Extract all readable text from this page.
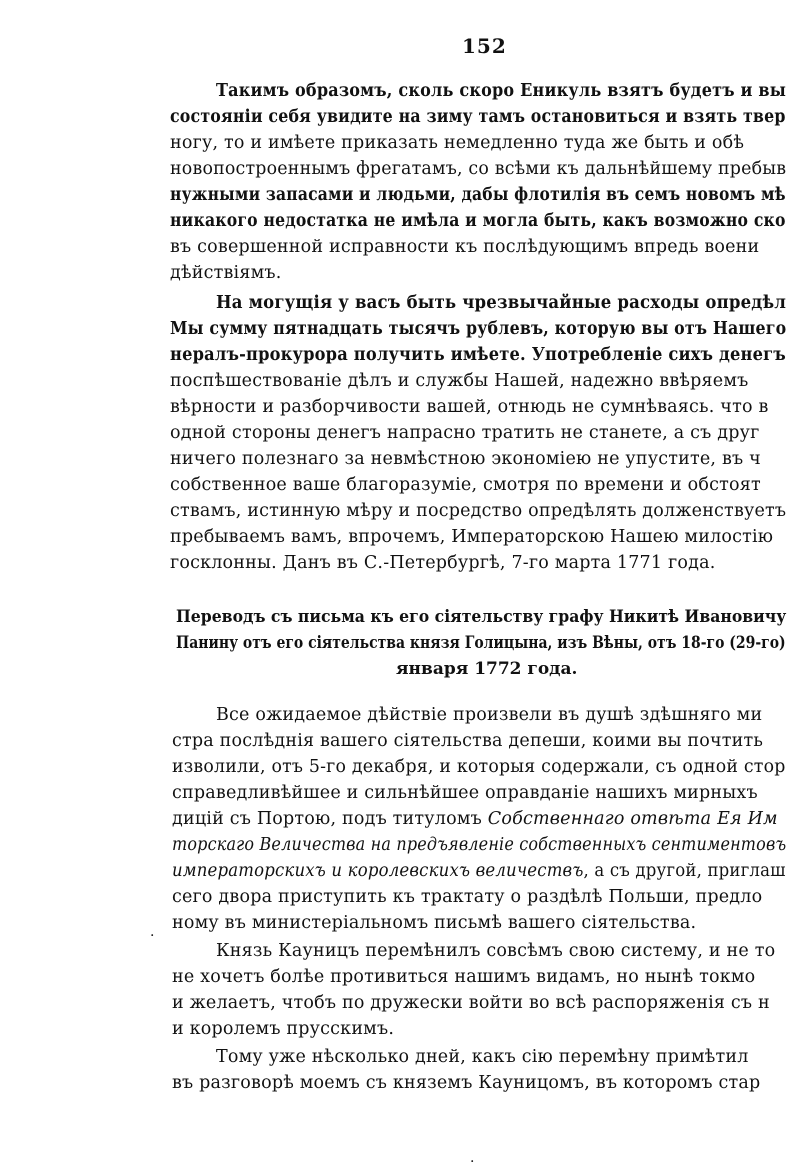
152
Такимъ образомъ, сколь скоро Еникуль взятъ будетъ и вы
состоянiи себя увидите на зиму тамъ остановиться и взять твер
ногу, то и имѣете приказать немедленно туда же быть и обѣ
новопостроеннымъ фрегатамъ, со всѣми къ дальнѣйшему пребыв
нужными запасами и людьми, дабы флотилiя въ семъ новомъ мѣ
никакого недостатка не имѣла и могла быть, какъ возможно ско
въ совершенной исправности къ послѣдующимъ впредь воени
дѣйствiямъ.
На могущiя у васъ быть чрезвычайные расходы опредѣл
Мы сумму пятнадцать тысячъ рублевъ, которую вы отъ Нашего
нералъ-прокурора получить имѣете. Употребленiе сихъ денегъ
поспѣшествованiе дѣлъ и службы Нашей, надежно ввѣряемъ
вѣрности и разборчивости вашей, отнюдь не сумнѣваясь. что в
одной стороны денегъ напрасно тратить не станете, а съ друг
ничего полезнаго за невмѣстною экономiею не упустите, въ ч
собственное ваше благоразумiе, смотря по времени и обстоят
ствамъ, истинную мѣру и посредство опредѣлять долженствуетъ
пребываемъ вамъ, впрочемъ, Императорскою Нашею милостiю
госклонны. Данъ въ С.-Петербургѣ, 7-го марта 1771 года.
Переводъ съ письма къ его сiятельству графу Никитѣ Ивановичу
Панину отъ его сiятельства князя Голицына, изъ Вѣны, отъ 18-го (29-го)
января 1772 года.
Все ожидаемое дѣйствiе произвели въ душѣ здѣшняго ми
стра послѣднiя вашего сiятельства депеши, коими вы почтить
изволили, отъ 5-го декабря, и которыя содержали, съ одной стор
справедливѣйшее и сильнѣйшее оправданiе нашихъ мирныхъ
дицiй съ Портою, подъ титуломъ Собственнаго отвѣта Ея Им
торскаго Величества на предъявленiе собственныхъ сентиментовъ
императорскихъ и королевскихъ величествъ, а съ другой, приглаш
сего двора приступить къ трактату о раздѣлѣ Польши, предло
ному въ министерiальномъ письмѣ вашего сiятельства.
Князь Кауницъ перемѣнилъ совсѣмъ свою систему, и не то
не хочетъ болѣе противиться нашимъ видамъ, но нынѣ токмо
и желаетъ, чтобъ по дружески войти во всѣ распоряженiя съ н
и королемъ прусскимъ.
Тому уже нѣсколько дней, какъ сiю перемѣну примѣтил
въ разговорѣ моемъ съ княземъ Кауницомъ, въ которомъ стар
·
·
